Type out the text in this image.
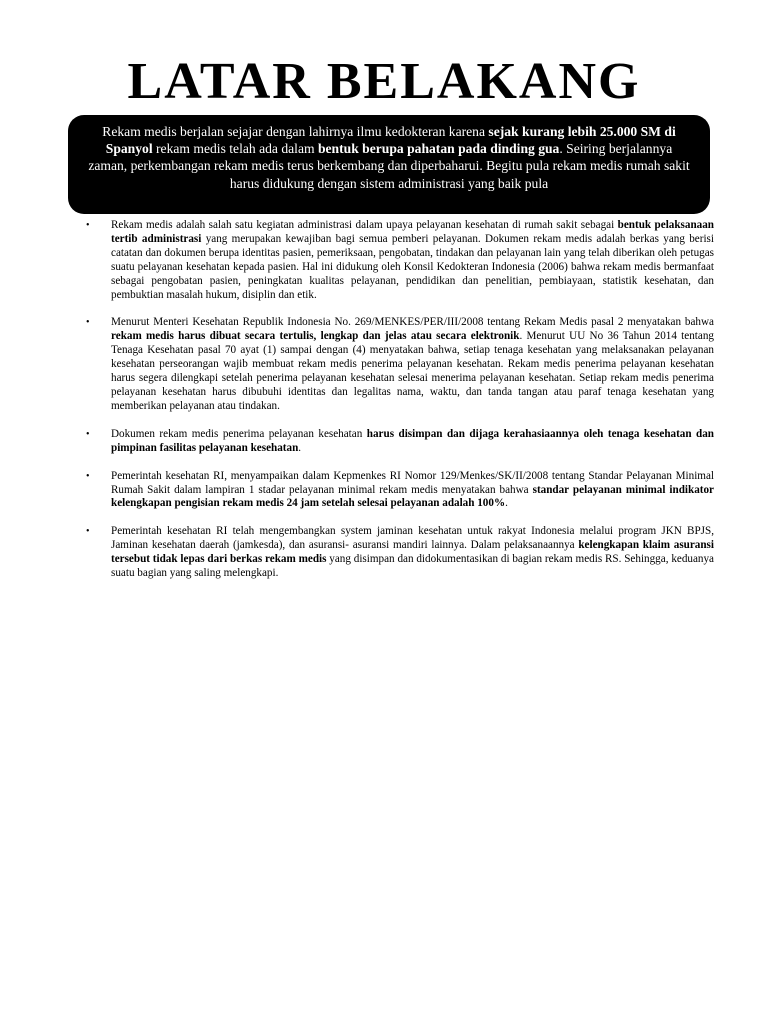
LATAR BELAKANG
Rekam medis berjalan sejajar dengan lahirnya ilmu kedokteran karena sejak kurang lebih 25.000 SM di Spanyol rekam medis telah ada dalam bentuk berupa pahatan pada dinding gua. Seiring berjalannya zaman, perkembangan rekam medis terus berkembang dan diperbaharui. Begitu pula rekam medis rumah sakit harus didukung dengan sistem administrasi yang baik pula
• Rekam medis adalah salah satu kegiatan administrasi dalam upaya pelayanan kesehatan di rumah sakit sebagai bentuk pelaksanaan tertib administrasi yang merupakan kewajiban bagi semua pemberi pelayanan. Dokumen rekam medis adalah berkas yang berisi catatan dan dokumen berupa identitas pasien, pemeriksaan, pengobatan, tindakan dan pelayanan lain yang telah diberikan oleh petugas suatu pelayanan kesehatan kepada pasien. Hal ini didukung oleh Konsil Kedokteran Indonesia (2006) bahwa rekam medis bermanfaat sebagai pengobatan pasien, peningkatan kualitas pelayanan, pendidikan dan penelitian, pembiayaan, statistik kesehatan, dan pembuktian masalah hukum, disiplin dan etik.
• Menurut Menteri Kesehatan Republik Indonesia No. 269/MENKES/PER/III/2008 tentang Rekam Medis pasal 2 menyatakan bahwa rekam medis harus dibuat secara tertulis, lengkap dan jelas atau secara elektronik. Menurut UU No 36 Tahun 2014 tentang Tenaga Kesehatan pasal 70 ayat (1) sampai dengan (4) menyatakan bahwa, setiap tenaga kesehatan yang melaksanakan pelayanan kesehatan perseorangan wajib membuat rekam medis penerima pelayanan kesehatan. Rekam medis penerima pelayanan kesehatan harus segera dilengkapi setelah penerima pelayanan kesehatan selesai menerima pelayanan kesehatan. Setiap rekam medis penerima pelayanan kesehatan harus dibubuhi identitas dan legalitas nama, waktu, dan tanda tangan atau paraf tenaga kesehatan yang memberikan pelayanan atau tindakan.
• Dokumen rekam medis penerima pelayanan kesehatan harus disimpan dan dijaga kerahasiaannya oleh tenaga kesehatan dan pimpinan fasilitas pelayanan kesehatan.
• Pemerintah kesehatan RI, menyampaikan dalam Kepmenkes RI Nomor 129/Menkes/SK/II/2008 tentang Standar Pelayanan Minimal Rumah Sakit dalam lampiran 1 stadar pelayanan minimal rekam medis menyatakan bahwa standar pelayanan minimal indikator kelengkapan pengisian rekam medis 24 jam setelah selesai pelayanan adalah 100%.
• Pemerintah kesehatan RI telah mengembangkan system jaminan kesehatan untuk rakyat Indonesia melalui program JKN BPJS, Jaminan kesehatan daerah (jamkesda), dan asuransi- asuransi mandiri lainnya. Dalam pelaksanaannya kelengkapan klaim asuransi tersebut tidak lepas dari berkas rekam medis yang disimpan dan didokumentasikan di bagian rekam medis RS. Sehingga, keduanya suatu bagian yang saling melengkapi.
